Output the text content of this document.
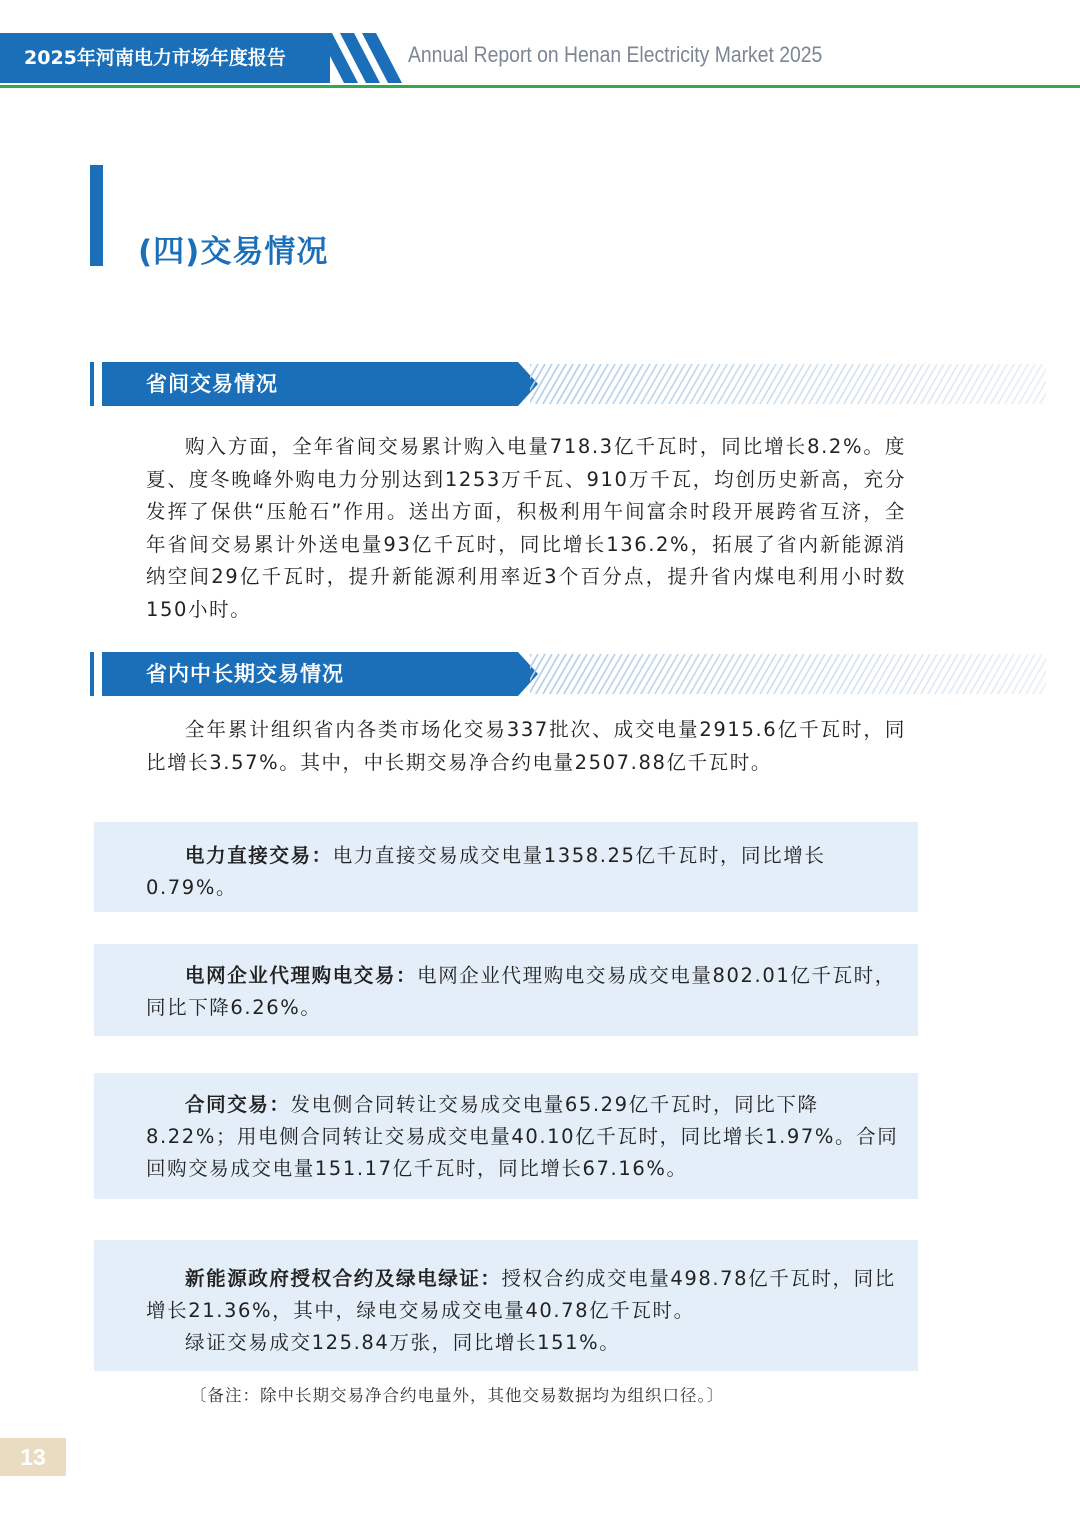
2025年河南电力市场年度报告	Annual Report on Henan Electricity Market 2025
(四)交易情况
省间交易情况

购入方面，全年省间交易累计购入电量718.3亿千瓦时，同比增长8.2%。度夏、度冬晚峰外购电力分别达到1253万千瓦、910万千瓦，均创历史新高，充分发挥了保供“压舱石”作用。送出方面，积极利用午间富余时段开展跨省互济，全年省间交易累计外送电量93亿千瓦时，同比增长136.2%，拓展了省内新能源消纳空间29亿千瓦时，提升新能源利用率近3个百分点，提升省内煤电利用小时数150小时。

省内中长期交易情况

全年累计组织省内各类市场化交易337批次、成交电量2915.6亿千瓦时，同比增长3.57%。其中，中长期交易净合约电量2507.88亿千瓦时。

电力直接交易：电力直接交易成交电量1358.25亿千瓦时，同比增长0.79%。

电网企业代理购电交易：电网企业代理购电交易成交电量802.01亿千瓦时，同比下降6.26%。

合同交易：发电侧合同转让交易成交电量65.29亿千瓦时，同比下降8.22%；用电侧合同转让交易成交电量40.10亿千瓦时，同比增长1.97%。合同回购交易成交电量151.17亿千瓦时，同比增长67.16%。

新能源政府授权合约及绿电绿证：授权合约成交电量498.78亿千瓦时，同比增长21.36%，其中，绿电交易成交电量40.78亿千瓦时。

绿证交易成交125.84万张，同比增长151%。

〔备注：除中长期交易净合约电量外，其他交易数据均为组织口径。〕
13
